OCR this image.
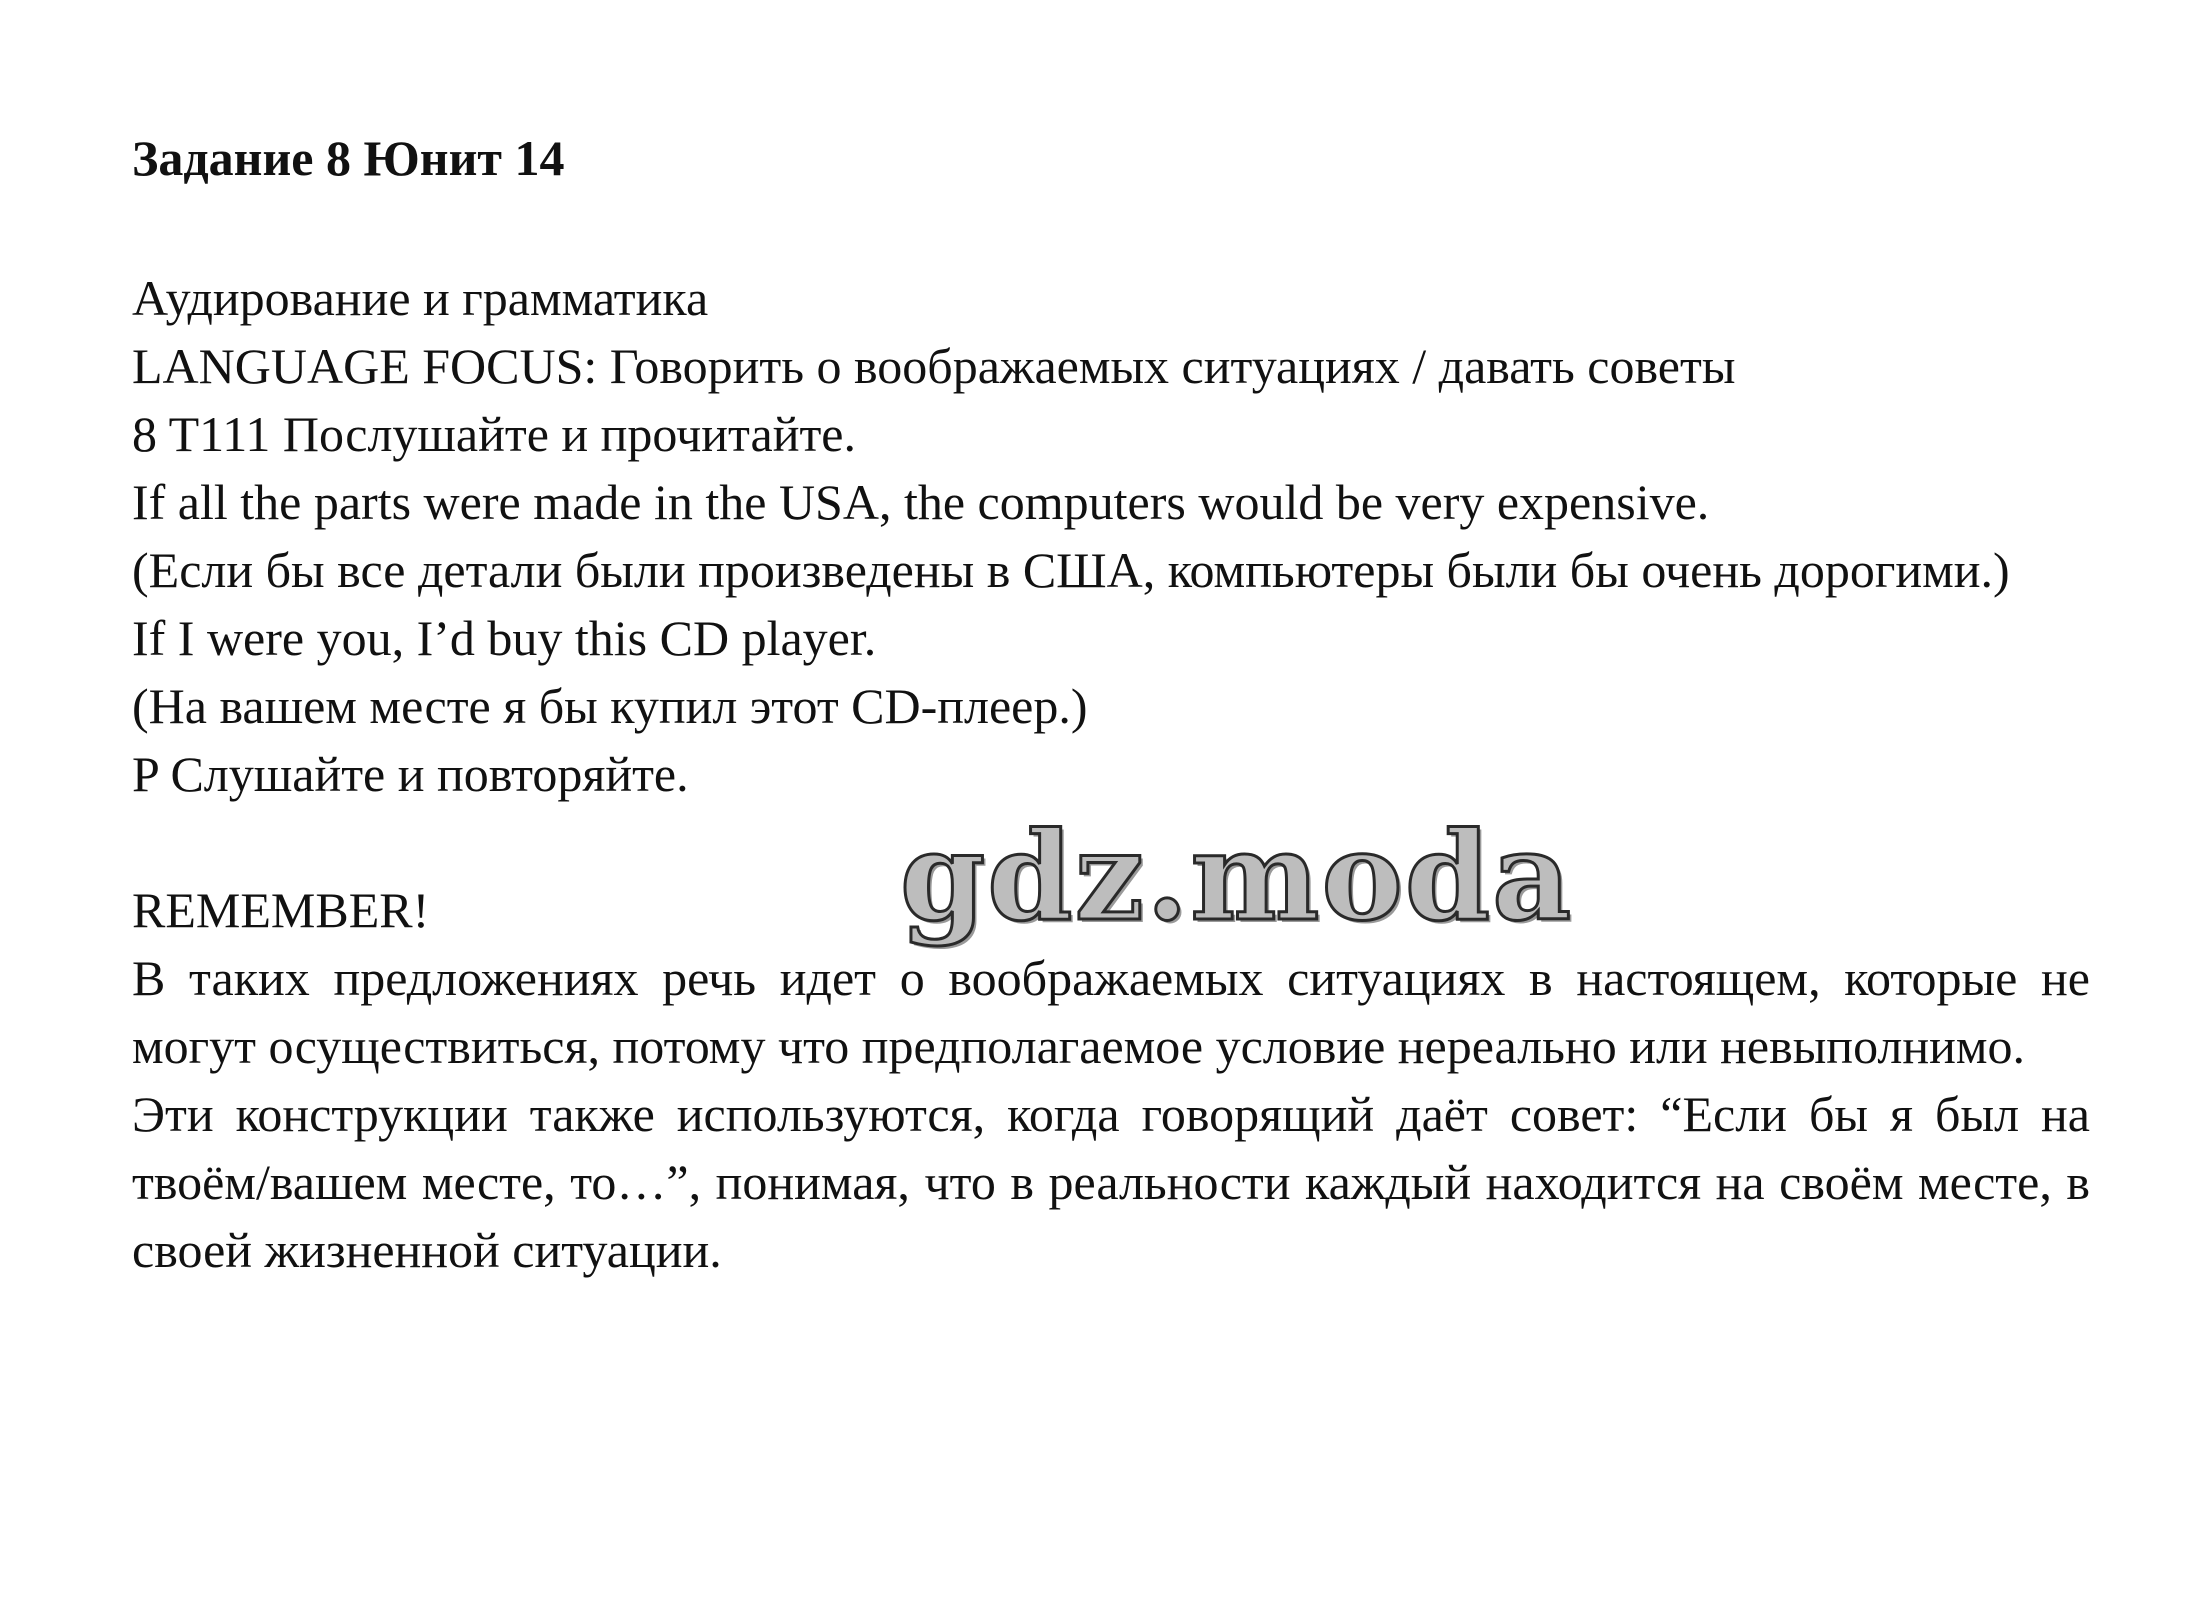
Задание 8 Юнит 14

Аудирование и грамматика

LANGUAGE FOCUS: Говорить о воображаемых ситуациях / давать советы

8 T111 Послушайте и прочитайте.

If all the parts were made in the USA, the computers would be very expensive.

(Если бы все детали были произведены в США, компьютеры были бы очень дорогими.)

If I were you, I’d buy this CD player.

(На вашем месте я бы купил этот CD-плеер.)

P Слушайте и повторяйте.

REMEMBER!

В таких предложениях речь идет о воображаемых ситуациях в настоящем, которые не могут осуществиться, потому что предполагаемое условие нереально или невыполнимо.

Эти конструкции также используются, когда говорящий даёт совет: “Если бы я был на твоём/вашем месте, то…”, понимая, что в реальности каждый находится на своём месте, в своей жизненной ситуации.

gdz.moda
